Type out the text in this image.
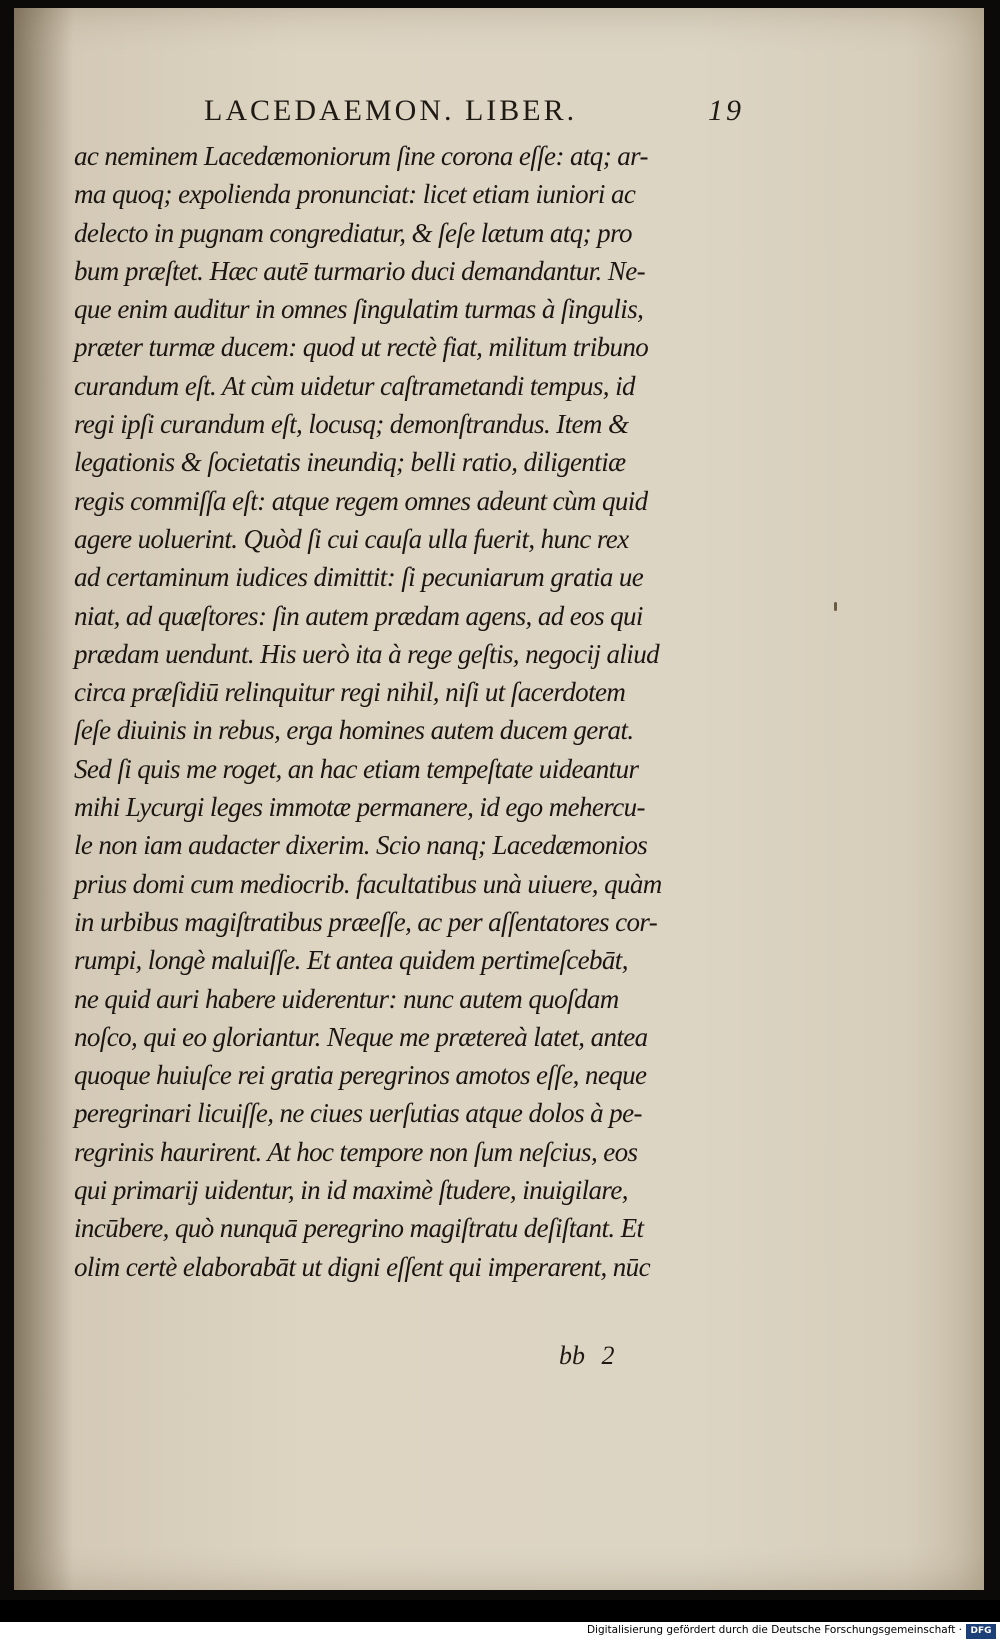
LACEDAEMON. LIBER.	19
ac neminem Lacedæmoniorum ſine corona eſſe: atq; ar-
ma quoq; expolienda pronunciat: licet etiam iuniori ac
delecto in pugnam congrediatur, & ſeſe lætum atq; pro
bum præſtet. Hæc autē turmario duci demandantur. Ne-
que enim auditur in omnes ſingulatim turmas à ſingulis,
præter turmæ ducem: quod ut rectè fiat, militum tribuno
curandum eſt. At cùm uidetur caſtrametandi tempus, id
regi ipſi curandum eſt, locusq; demonſtrandus. Item &
legationis & ſocietatis ineundiq; belli ratio, diligentiæ
regis commiſſa eſt: atque regem omnes adeunt cùm quid
agere uoluerint. Quòd ſi cui cauſa ulla fuerit, hunc rex
ad certaminum iudices dimittit: ſi pecuniarum gratia ue
niat, ad quæſtores: ſin autem prædam agens, ad eos qui
prædam uendunt. His uerò ita à rege geſtis, negocij aliud
circa præſidiū relinquitur regi nihil, niſi ut ſacerdotem
ſeſe diuinis in rebus, erga homines autem ducem gerat.
Sed ſi quis me roget, an hac etiam tempeſtate uideantur
mihi Lycurgi leges immotæ permanere, id ego mehercu-
le non iam audacter dixerim. Scio nanq; Lacedæmonios
prius domi cum mediocrib. facultatibus unà uiuere, quàm
in urbibus magiſtratibus præeſſe, ac per aſſentatores cor-
rumpi, longè maluiſſe. Et antea quidem pertimeſcebāt,
ne quid auri habere uiderentur: nunc autem quoſdam
noſco, qui eo gloriantur. Neque me prætereà latet, antea
quoque huiuſce rei gratia peregrinos amotos eſſe, neque
peregrinari licuiſſe, ne ciues uerſutias atque dolos à pe-
regrinis haurirent. At hoc tempore non ſum neſcius, eos
qui primarij uidentur, in id maximè ſtudere, inuigilare,
incūbere, quò nunquā peregrino magiſtratu deſiſtant. Et
olim certè elaborabāt ut digni eſſent qui imperarent, nūc
bb 2
Digitalisierung gefördert durch die Deutsche Forschungsgemeinschaft · DFG
